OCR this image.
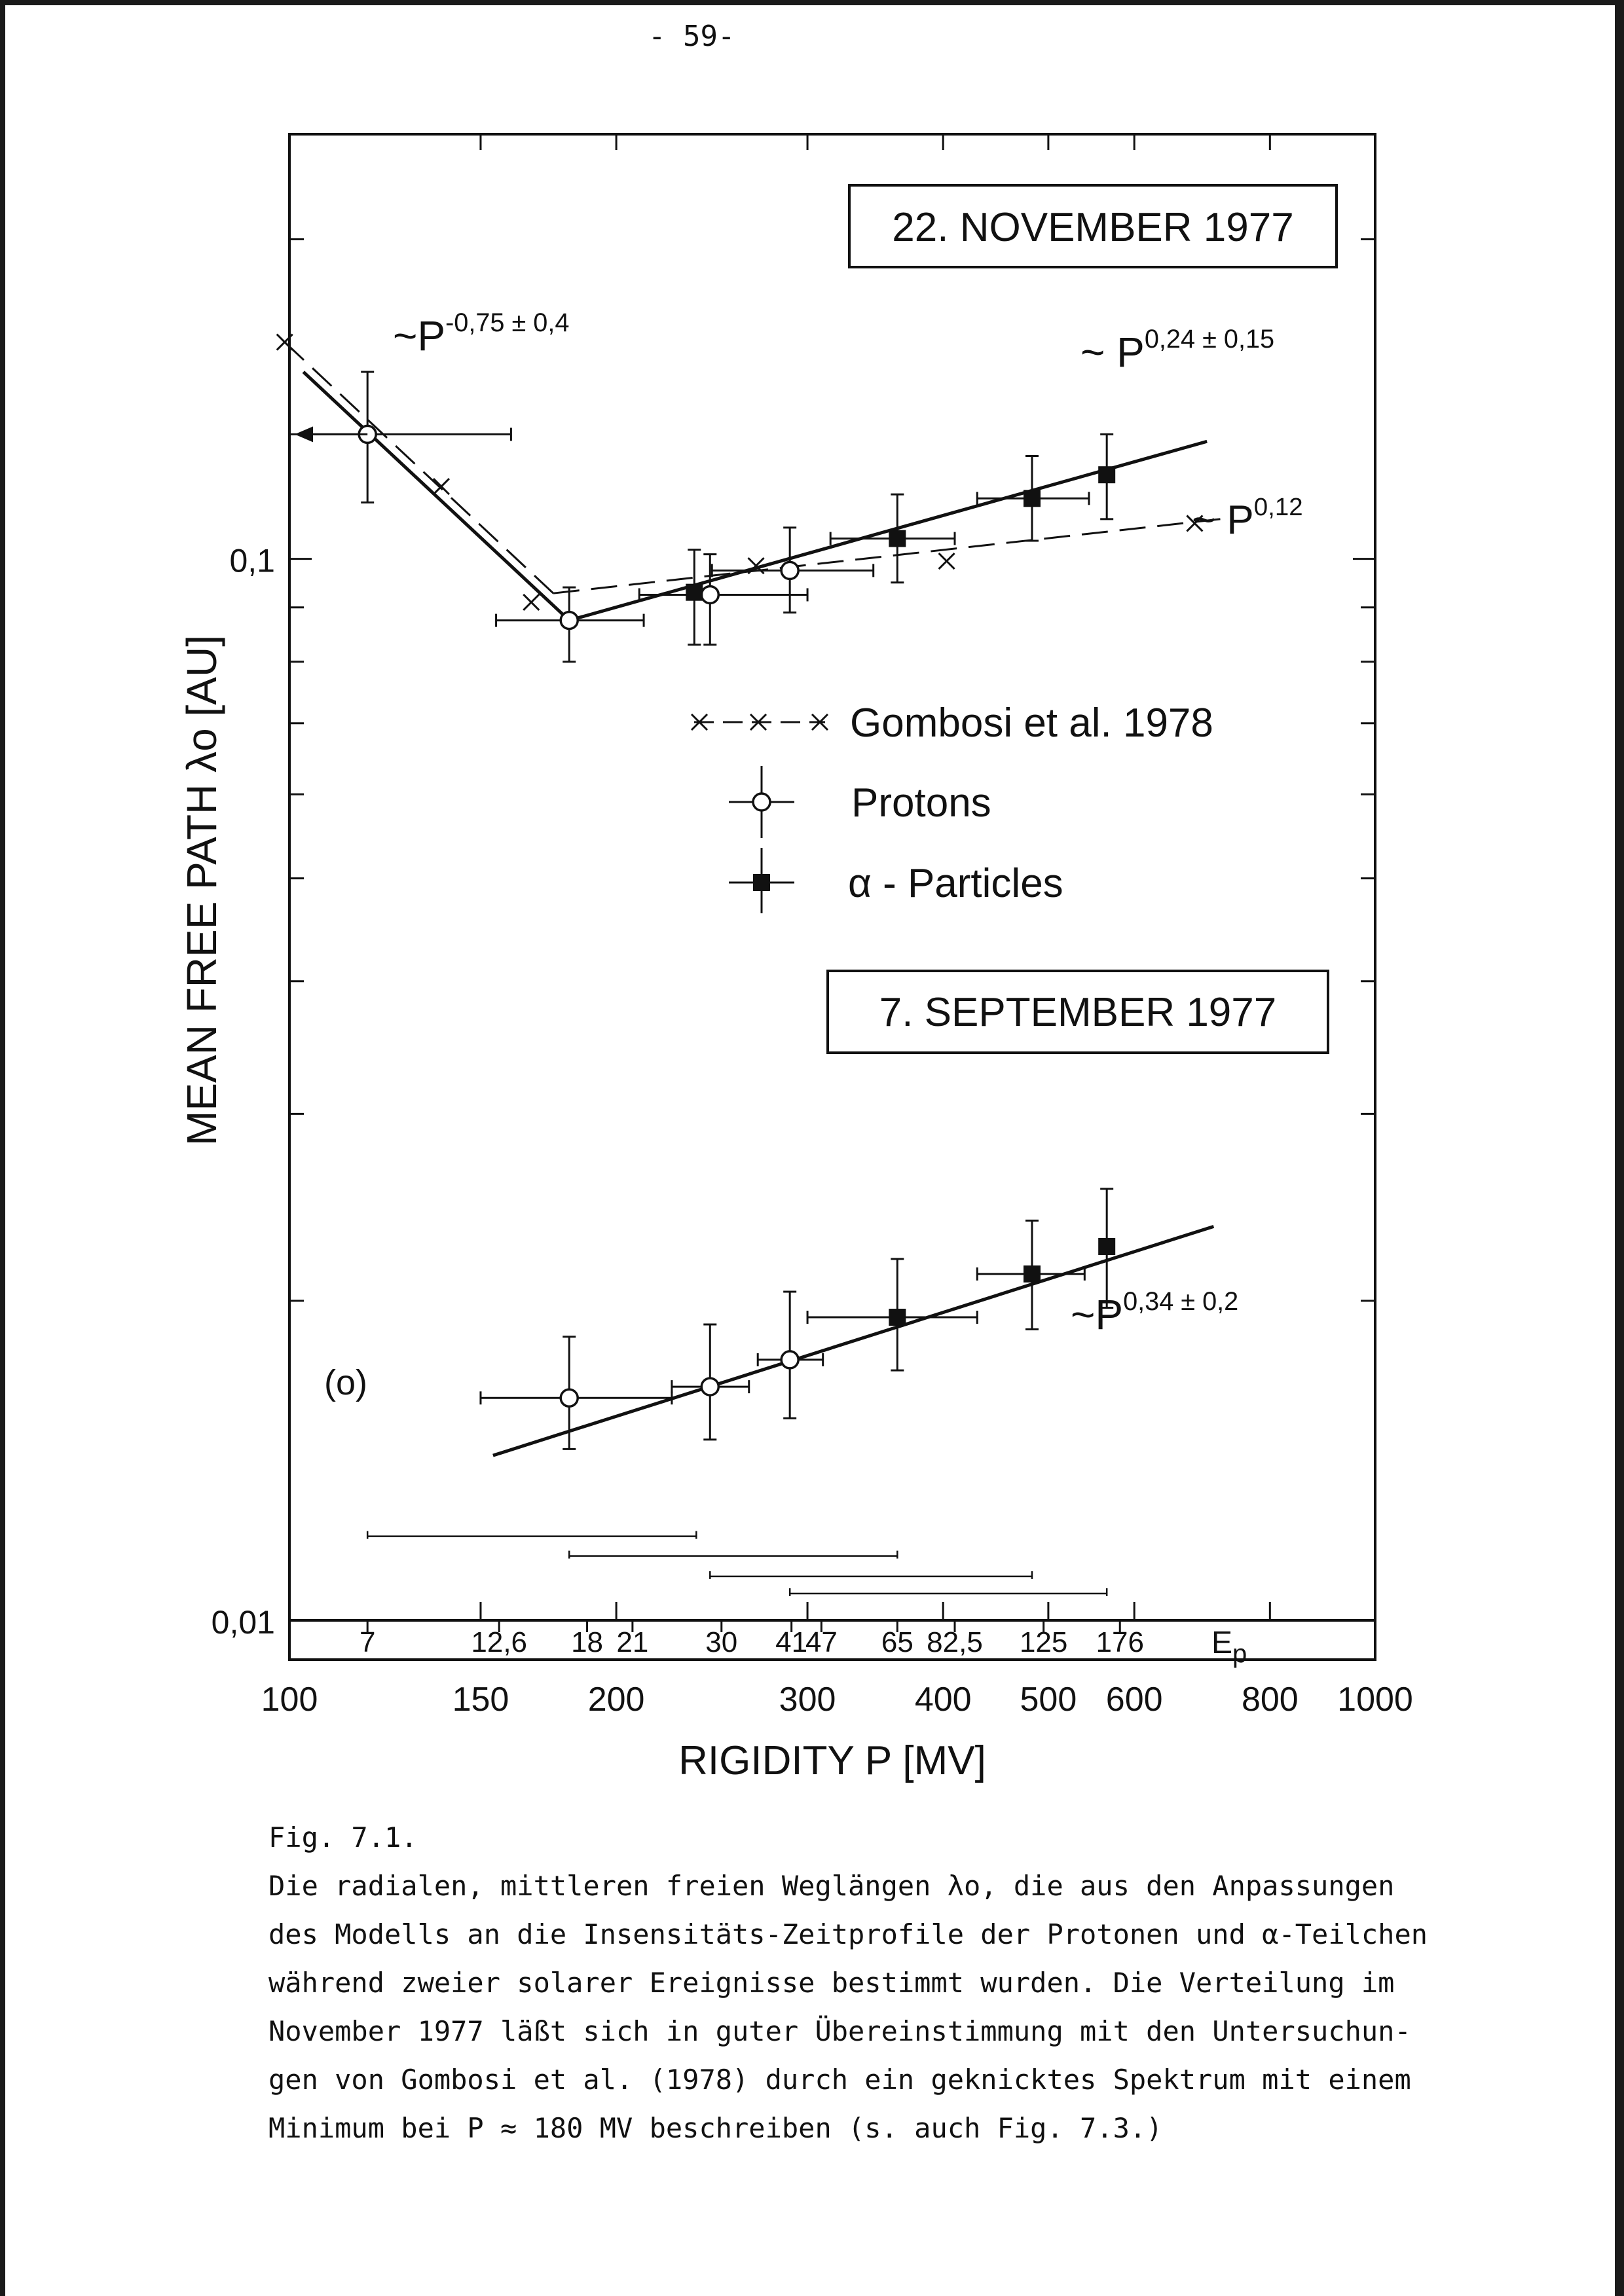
- 59-
0,01
0,1
100	150 200	300 400 500 600 800 1000
7	12,6 18 21 30 41
47 65 82,5 125 176 $E_p$
RIGIDITY P [MV]
MEAN FREE PATH λo [AU]
22. NOVEMBER 1977
$\sim P^{-0,75 \pm 0,4}$
~ $P^{0,24 \pm 0,15}$
~ P$^{0,12}$
Gombosi et al. 1978
Protons
α - Particles
7. SEPTEMBER 1977
$\sim P^{0,34 \pm 0,2}$
(o)
Fig. 7.1.
Die radialen, mittleren freien Weglängen λo, die aus den Anpassungen
des Modells an die Insensitäts-Zeitprofile der Protonen und α-Teilchen
während zweier solarer Ereignisse bestimmt wurden. Die Verteilung im
November 1977 läßt sich in guter Übereinstimmung mit den Untersuchun-
gen von Gombosi et al. (1978) durch ein geknicktes Spektrum mit einem
Minimum bei P ≈ 180 MV beschreiben (s. auch Fig. 7.3.)
